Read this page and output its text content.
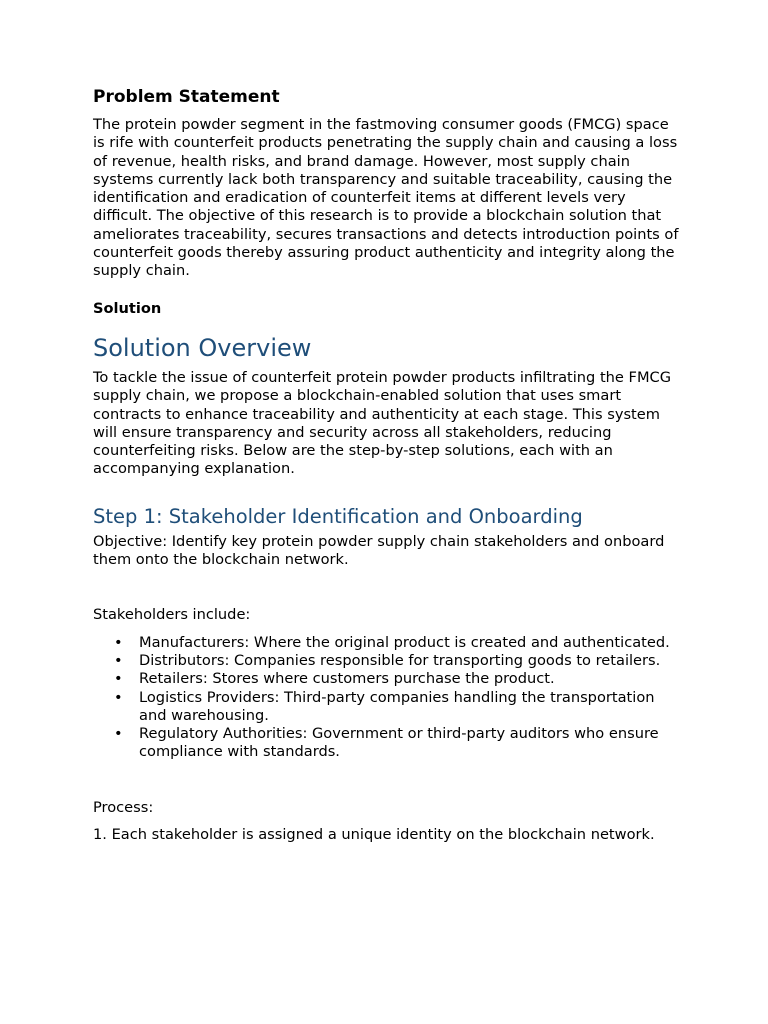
Problem Statement

The protein powder segment in the fastmoving consumer goods (FMCG) space is rife with counterfeit products penetrating the supply chain and causing a loss of revenue, health risks, and brand damage. However, most supply chain systems currently lack both transparency and suitable traceability, causing the identification and eradication of counterfeit items at different levels very difficult. The objective of this research is to provide a blockchain solution that ameliorates traceability, secures transactions and detects introduction points of counterfeit goods thereby assuring product authenticity and integrity along the supply chain.

Solution

Solution Overview

To tackle the issue of counterfeit protein powder products infiltrating the FMCG supply chain, we propose a blockchain-enabled solution that uses smart contracts to enhance traceability and authenticity at each stage. This system will ensure transparency and security across all stakeholders, reducing counterfeiting risks. Below are the step-by-step solutions, each with an accompanying explanation.

Step 1: Stakeholder Identification and Onboarding

Objective: Identify key protein powder supply chain stakeholders and onboard them onto the blockchain network.

Stakeholders include:

• Manufacturers: Where the original product is created and authenticated.
• Distributors: Companies responsible for transporting goods to retailers.
• Retailers: Stores where customers purchase the product.
• Logistics Providers: Third-party companies handling the transportation and warehousing.
• Regulatory Authorities: Government or third-party auditors who ensure compliance with standards.

Process:

1. Each stakeholder is assigned a unique identity on the blockchain network.
